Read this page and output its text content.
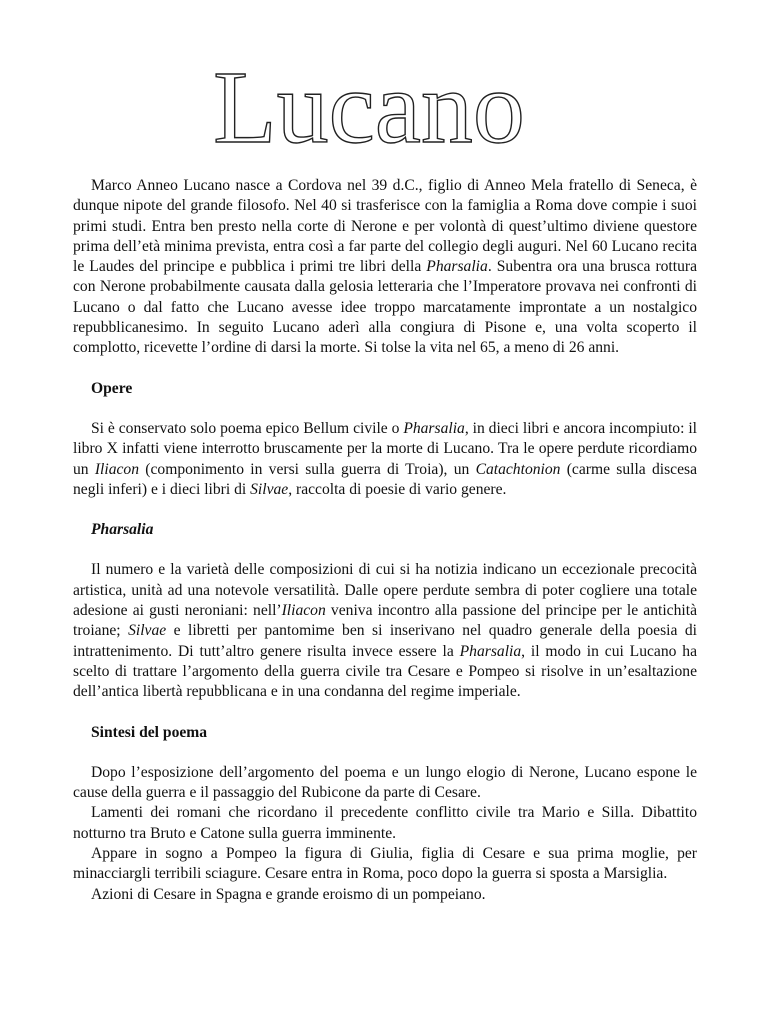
Lucano

Marco Anneo Lucano nasce a Cordova nel 39 d.C., figlio di Anneo Mela fratello di Seneca, è dunque nipote del grande filosofo. Nel 40 si trasferisce con la famiglia a Roma dove compie i suoi primi studi. Entra ben presto nella corte di Nerone e per volontà di quest’ultimo diviene questore prima dell’età minima prevista, entra così a far parte del collegio degli auguri. Nel 60 Lucano recita le Laudes del principe e pubblica i primi tre libri della Pharsalia. Subentra ora una brusca rottura con Nerone probabilmente causata dalla gelosia letteraria che l’Imperatore provava nei confronti di Lucano o dal fatto che Lucano avesse idee troppo marcatamente improntate a un nostalgico repubblicanesimo. In seguito Lucano aderì alla congiura di Pisone e, una volta scoperto il complotto, ricevette l’ordine di darsi la morte. Si tolse la vita nel 65, a meno di 26 anni.

Opere

Si è conservato solo poema epico Bellum civile o Pharsalia, in dieci libri e ancora incompiuto: il libro X infatti viene interrotto bruscamente per la morte di Lucano. Tra le opere perdute ricordiamo un Iliacon (componimento in versi sulla guerra di Troia), un Catachtonion (carme sulla discesa negli inferi) e i dieci libri di Silvae, raccolta di poesie di vario genere.

Pharsalia

Il numero e la varietà delle composizioni di cui si ha notizia indicano un eccezionale precocità artistica, unità ad una notevole versatilità. Dalle opere perdute sembra di poter cogliere una totale adesione ai gusti neroniani: nell’Iliacon veniva incontro alla passione del principe per le antichità troiane; Silvae e libretti per pantomime ben si inserivano nel quadro generale della poesia di intrattenimento. Di tutt’altro genere risulta invece essere la Pharsalia, il modo in cui Lucano ha scelto di trattare l’argomento della guerra civile tra Cesare e Pompeo si risolve in un’esaltazione dell’antica libertà repubblicana e in una condanna del regime imperiale.

Sintesi del poema

Dopo l’esposizione dell’argomento del poema e un lungo elogio di Nerone, Lucano espone le cause della guerra e il passaggio del Rubicone da parte di Cesare.

Lamenti dei romani che ricordano il precedente conflitto civile tra Mario e Silla. Dibattito notturno tra Bruto e Catone sulla guerra imminente.

Appare in sogno a Pompeo la figura di Giulia, figlia di Cesare e sua prima moglie, per minacciargli terribili sciagure. Cesare entra in Roma, poco dopo la guerra si sposta a Marsiglia.

Azioni di Cesare in Spagna e grande eroismo di un pompeiano.
